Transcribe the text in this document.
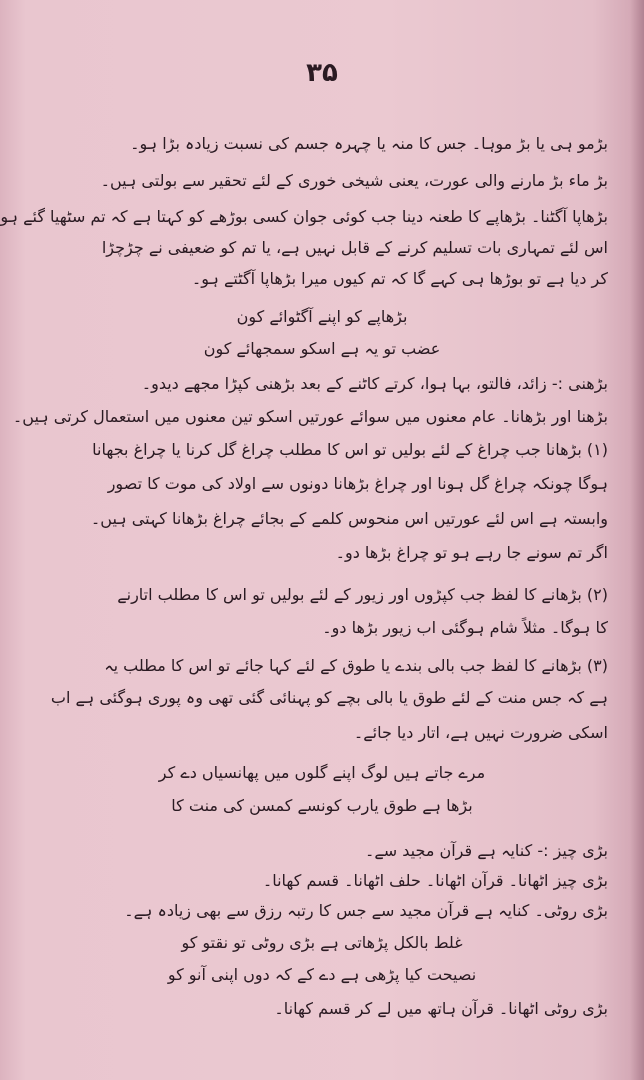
۳۵
بڑمو ہی یا بڑ موہا۔ جس کا منہ یا چہرہ جسم کی نسبت زیادہ بڑا ہو۔
بڑ ماء بڑ مارنے والی عورت، یعنی شیخی خوری کے لئے تحقیر سے بولتی ہیں۔
بڑھاپا آگٹنا۔ بڑھاپے کا طعنہ دینا جب کوئی جوان کسی بوڑھے کو کہتا ہے کہ تم سٹھیا گئے ہو
اس لئے تمہاری بات تسلیم کرنے کے قابل نہیں ہے، یا تم کو ضعیفی نے چڑچڑا
کر دیا ہے تو بوڑھا ہی کہے گا کہ تم کیوں میرا بڑھاپا آگٹتے ہو۔
بڑھاپے کو اپنے آگٹوائے کون
عضب تو یہ ہے اسکو سمجھائے کون
بڑھنی :- زائد، فالتو، بہا ہوا، کرتے کاٹنے کے بعد بڑھنی کپڑا مجھے دیدو۔
بڑھنا اور بڑھانا۔ عام معنوں میں سوائے عورتیں اسکو تین معنوں میں استعمال کرتی ہیں۔
(۱) بڑھانا جب چراغ کے لئے بولیں تو اس کا مطلب چراغ گل کرنا یا چراغ بجھانا
ہوگا چونکہ چراغ گل ہونا اور چراغ بڑھانا دونوں سے اولاد کی موت کا تصور
وابستہ ہے اس لئے عورتیں اس منحوس کلمے کے بجائے چراغ بڑھانا کہتی ہیں۔
اگر تم سونے جا رہے ہو تو چراغ بڑھا دو۔
(۲) بڑھانے کا لفظ جب کپڑوں اور زیور کے لئے بولیں تو اس کا مطلب اتارنے
کا ہوگا۔ مثلاً شام ہوگئی اب زیور بڑھا دو۔
(۳) بڑھانے کا لفظ جب بالی بندے یا طوق کے لئے کہا جائے تو اس کا مطلب یہ
ہے کہ جس منت کے لئے طوق یا بالی بچے کو پہنائی گئی تھی وہ پوری ہوگئی ہے اب
اسکی ضرورت نہیں ہے، اتار دیا جائے۔
مرے جاتے ہیں لوگ اپنے گلوں میں پھانسیاں دے کر
بڑھا ہے طوق یارب کونسے کمسن کی منت کا
بڑی چیز :- کنایہ ہے قرآن مجید سے۔
بڑی چیز اٹھانا۔ قرآن اٹھانا۔ حلف اٹھانا۔ قسم کھانا۔
بڑی روٹی۔ کنایہ ہے قرآن مجید سے جس کا رتبہ رزق سے بھی زیادہ ہے۔
غلط بالکل پڑھاتی ہے بڑی روٹی تو نقتو کو
نصیحت کیا پڑھی ہے دے کے کہ دوں اپنی آنو کو
بڑی روٹی اٹھانا۔ قرآن ہاتھ میں لے کر قسم کھانا۔
